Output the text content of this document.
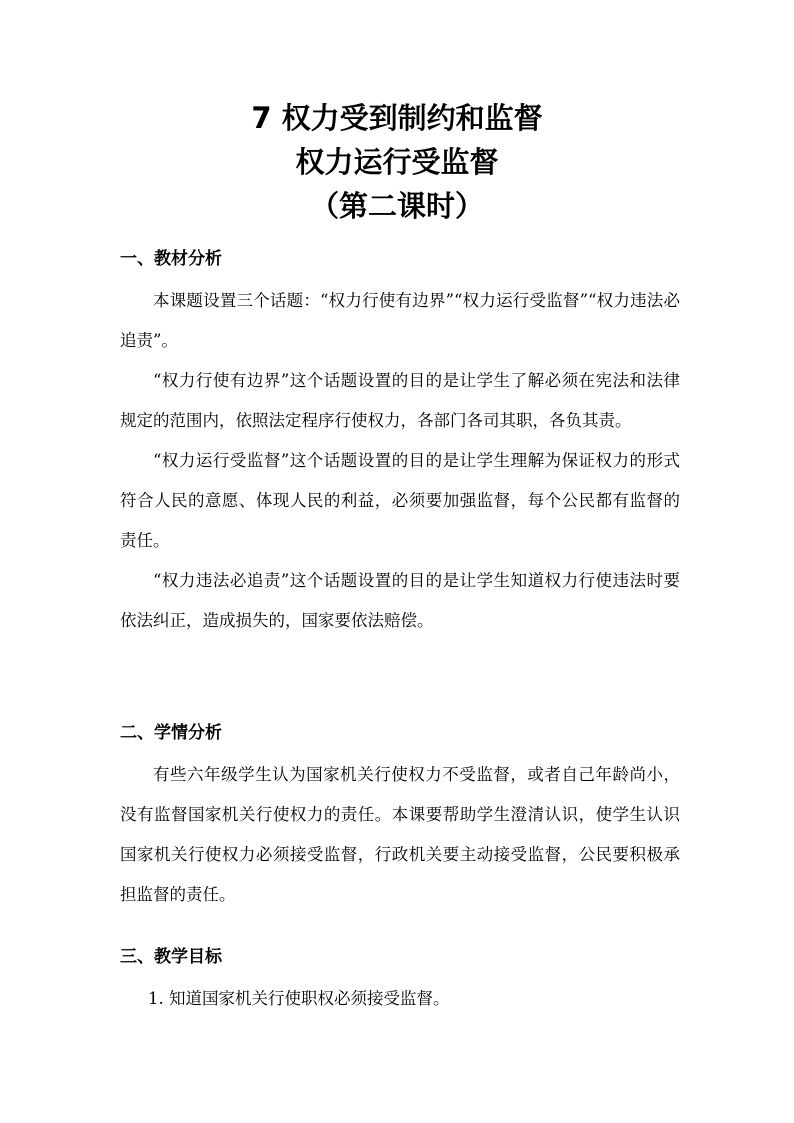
7 权力受到制约和监督

权力运行受监督

（第二课时）

一、教材分析

本课题设置三个话题：“权力行使有边界”“权力运行受监督”“权力违法必追责”。

“权力行使有边界”这个话题设置的目的是让学生了解必须在宪法和法律规定的范围内，依照法定程序行使权力，各部门各司其职，各负其责。

“权力运行受监督”这个话题设置的目的是让学生理解为保证权力的形式符合人民的意愿、体现人民的利益，必须要加强监督，每个公民都有监督的责任。

“权力违法必追责”这个话题设置的目的是让学生知道权力行使违法时要依法纠正，造成损失的，国家要依法赔偿。

二、学情分析

有些六年级学生认为国家机关行使权力不受监督，或者自己年龄尚小，没有监督国家机关行使权力的责任。本课要帮助学生澄清认识，使学生认识国家机关行使权力必须接受监督，行政机关要主动接受监督，公民要积极承担监督的责任。

三、教学目标

1. 知道国家机关行使职权必须接受监督。
